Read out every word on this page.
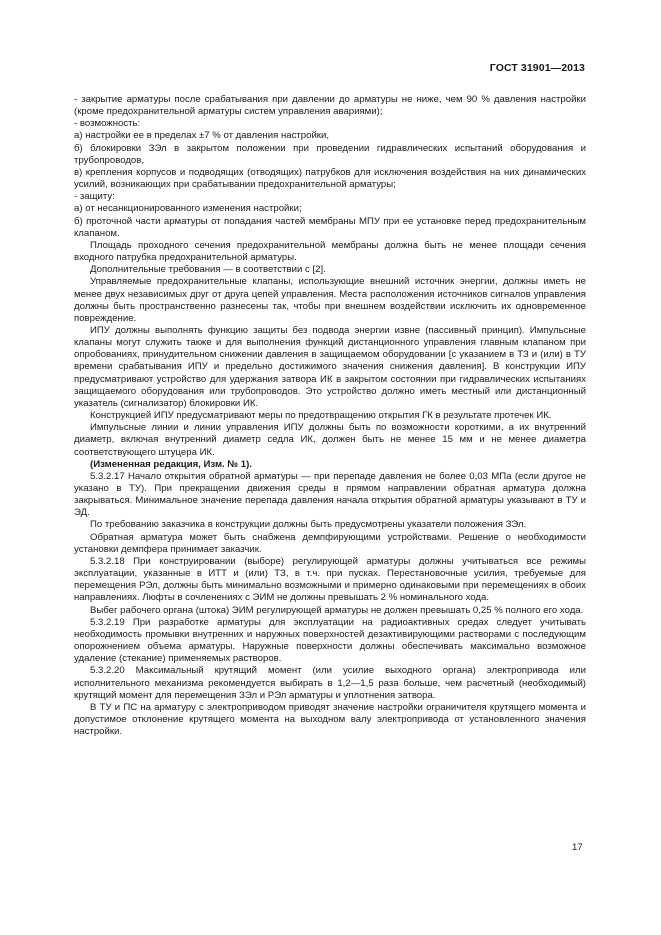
ГОСТ 31901—2013

- закрытие арматуры после срабатывания при давлении до арматуры не ниже, чем 90 % давления настройки (кроме предохранительной арматуры систем управления авариями);

- возможность:

а) настройки ее в пределах ±7 % от давления настройки,

б) блокировки ЗЭл в закрытом положении при проведении гидравлических испытаний оборудования и трубопроводов,

в) крепления корпусов и подводящих (отводящих) патрубков для исключения воздействия на них динамических усилий, возникающих при срабатывании предохранительной арматуры;

- защиту:

а) от несанкционированного изменения настройки;

б) проточной части арматуры от попадания частей мембраны МПУ при ее установке перед предохранительным клапаном.

Площадь проходного сечения предохранительной мембраны должна быть не менее площади сечения входного патрубка предохранительной арматуры.

Дополнительные требования — в соответствии с [2].

Управляемые предохранительные клапаны, использующие внешний источник энергии, должны иметь не менее двух независимых друг от друга цепей управления. Места расположения источников сигналов управления должны быть пространственно разнесены так, чтобы при внешнем воздействии исключить их одновременное повреждение.

ИПУ должны выполнять функцию защиты без подвода энергии извне (пассивный принцип). Импульсные клапаны могут служить также и для выполнения функций дистанционного управления главным клапаном при опробованиях, принудительном снижении давления в защищаемом оборудовании [с указанием в ТЗ и (или) в ТУ времени срабатывания ИПУ и предельно достижимого значения снижения давления]. В конструкции ИПУ предусматривают устройство для удержания затвора ИК в закрытом состоянии при гидравлических испытаниях защищаемого оборудования или трубопроводов. Это устройство должно иметь местный или дистанционный указатель (сигнализатор) блокировки ИК.

Конструкцией ИПУ предусматривают меры по предотвращению открытия ГК в результате протечек ИК.

Импульсные линии и линии управления ИПУ должны быть по возможности короткими, а их внутренний диаметр, включая внутренний диаметр седла ИК, должен быть не менее 15 мм и не менее диаметра соответствующего штуцера ИК.

(Измененная редакция, Изм. № 1).

5.3.2.17 Начало открытия обратной арматуры — при перепаде давления не более 0,03 МПа (если другое не указано в ТУ). При прекращении движения среды в прямом направлении обратная арматура должна закрываться. Минимальное значение перепада давления начала открытия обратной арматуры указывают в ТУ и ЭД.

По требованию заказчика в конструкции должны быть предусмотрены указатели положения ЗЭл.

Обратная арматура может быть снабжена демпфирующими устройствами. Решение о необходимости установки демпфера принимает заказчик.

5.3.2.18 При конструировании (выборе) регулирующей арматуры должны учитываться все режимы эксплуатации, указанные в ИТТ и (или) ТЗ, в т.ч. при пусках. Перестановочные усилия, требуемые для перемещения РЭл, должны быть минимально возможными и примерно одинаковыми при перемещениях в обоих направлениях. Люфты в сочленениях с ЭИМ не должны превышать 2 % номинального хода.

Выбег рабочего органа (штока) ЭИМ регулирующей арматуры не должен превышать 0,25 % полного его хода.

5.3.2.19 При разработке арматуры для эксплуатации на радиоактивных средах следует учитывать необходимость промывки внутренних и наружных поверхностей дезактивирующими растворами с последующим опорожнением объема арматуры. Наружные поверхности должны обеспечивать максимально возможное удаление (стекание) применяемых растворов.

5.3.2.20 Максимальный крутящий момент (или усилие выходного органа) электропривода или исполнительного механизма рекомендуется выбирать в 1,2—1,5 раза больше, чем расчетный (необходимый) крутящий момент для перемещения ЗЭл и РЭл арматуры и уплотнения затвора.

В ТУ и ПС на арматуру с электроприводом приводят значение настройки ограничителя крутящего момента и допустимое отклонение крутящего момента на выходном валу электропривода от установленного значения настройки.

17
